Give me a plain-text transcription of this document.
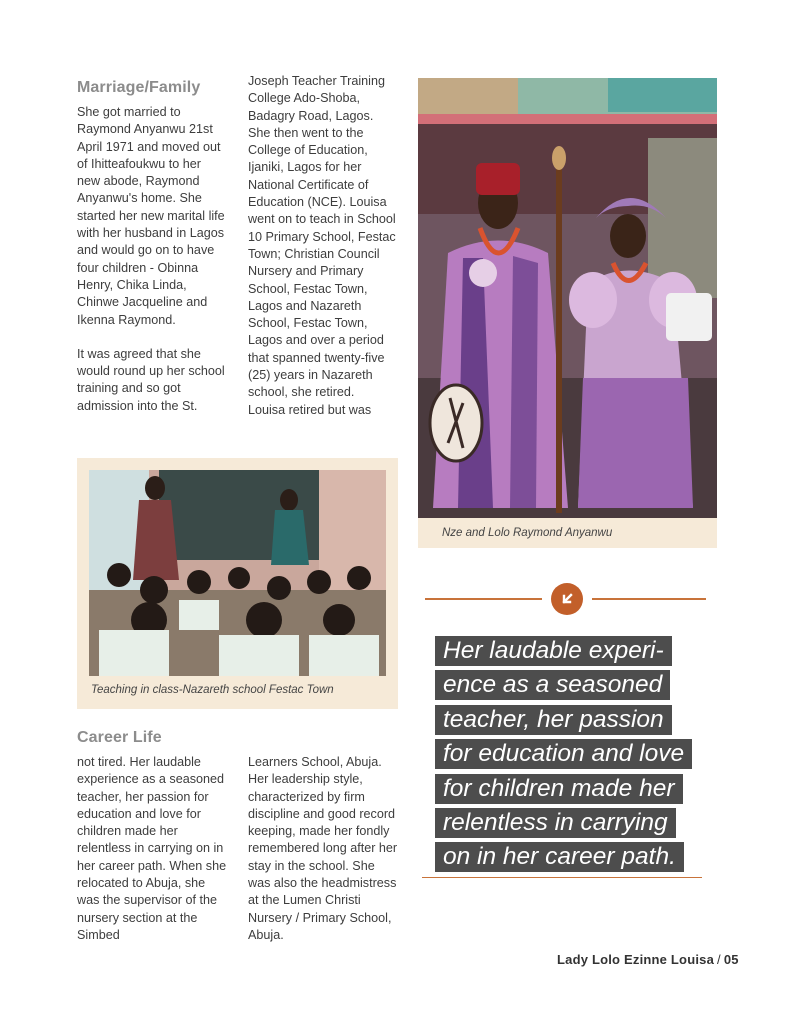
Marriage/Family

She got married to Raymond Anyanwu 21st April 1971 and moved out of Ihitteafoukwu to her new abode, Raymond Anyanwu's home. She started her new marital life with her husband in Lagos and would go on to have four children - Obinna Henry, Chika Linda, Chinwe Jacqueline and Ikenna Raymond.

It was agreed that she would round up her school training and so got admission into the St.

Joseph Teacher Training College Ado-Shoba, Badagry Road, Lagos. She then went to the College of Education, Ijaniki, Lagos for her National Certificate of Education (NCE). Louisa went on to teach in School 10 Primary School, Festac Town; Christian Council Nursery and Primary School, Festac Town, Lagos and Nazareth School, Festac Town, Lagos and over a period that spanned twenty-five (25) years in Nazareth school, she retired.

Louisa retired but was

Nze and Lolo Raymond Anyanwu
Teaching in class-Nazareth school Festac Town
Career Life

not tired. Her laudable experience as a seasoned teacher, her passion for education and love for children made her relentless in carrying on in her career path. When she relocated to Abuja, she was the supervisor of the nursery section at the Simbed

Learners School, Abuja. Her leadership style, characterized by firm discipline and good record keeping, made her fondly remembered long after her stay in the school. She was also the headmistress at the Lumen Christi Nursery / Primary School, Abuja.

Her laudable experi-
ence as a seasoned
teacher, her passion
for education and love
for children made her
relentless in carrying
on in her career path.
Lady Lolo Ezinne Louisa / 05
